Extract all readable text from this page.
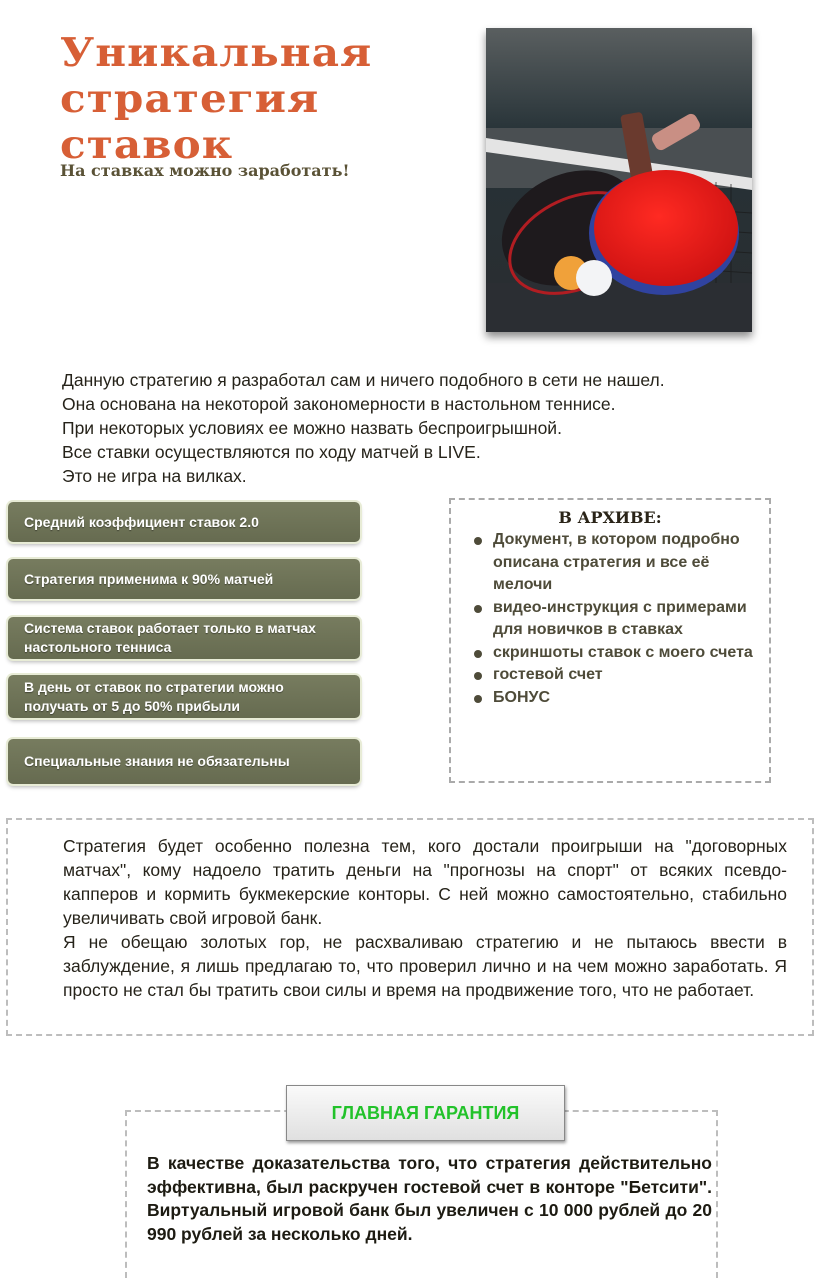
Уникальная стратегия ставок

На ставках можно заработать!

Данную стратегию я разработал сам и ничего подобного в сети не нашел.

Она основана на некоторой закономерности в настольном теннисе.

При некоторых условиях ее можно назвать беспроигрышной.

Все ставки осуществляются по ходу матчей в LIVE.

Это не игра на вилках.

Средний коэффициент ставок 2.0
Стратегия применима к 90% матчей
Система ставок работает только в матчах настольного тенниса
В день от ставок по стратегии можно получать от 5 до 50% прибыли
Специальные знания не обязательны
В АРХИВЕ:
Документ, в котором подробно описана стратегия и все её мелочи
видео-инструкция с примерами для новичков в ставках
скриншоты ставок с моего счета
гостевой счет
БОНУС

Стратегия будет особенно полезна тем, кого достали проигрыши на "договорных матчах", кому надоело тратить деньги на "прогнозы на спорт" от всяких псевдо-капперов и кормить букмекерские конторы. С ней можно самостоятельно, стабильно увеличивать свой игровой банк.

Я не обещаю золотых гор, не расхваливаю стратегию и не пытаюсь ввести в заблуждение, я лишь предлагаю то, что проверил лично и на чем можно заработать. Я просто не стал бы тратить свои силы и время на продвижение того, что не работает.

В качестве доказательства того, что стратегия действительно эффективна, был раскручен гостевой счет в конторе "Бетсити". Виртуальный игровой банк был увеличен с 10 000 рублей до 20 990 рублей за несколько дней.
ГЛАВНАЯ ГАРАНТИЯ
